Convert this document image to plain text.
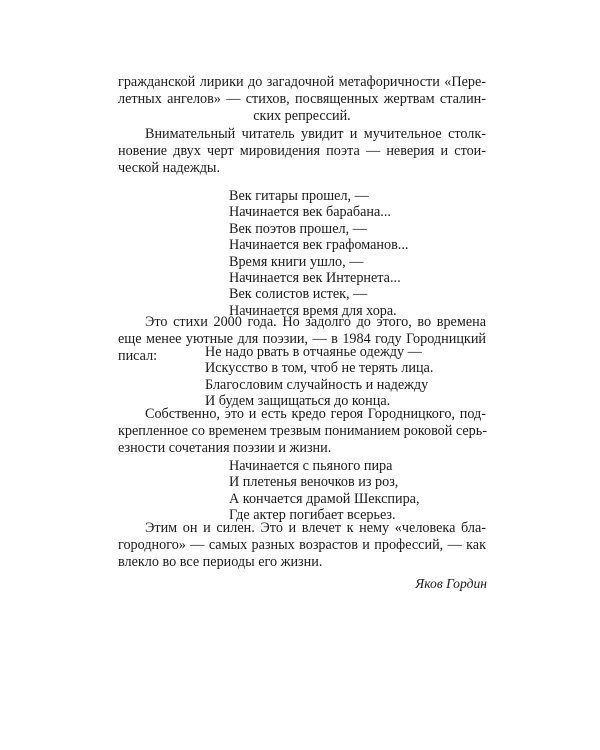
гражданской лирики до загадочной метафоричности «Пере-
летных ангелов» — стихов, посвященных жертвам сталин-
ских репрессий.
Внимательный читатель увидит и мучительное столк-
новение двух черт мировидения поэта — неверия и стои-
ческой надежды.
Век гитары прошел, —
Начинается век барабана...
Век поэтов прошел, —
Начинается век графоманов...
Время книги ушло, —
Начинается век Интернета...
Век солистов истек, —
Начинается время для хора.
Это стихи 2000 года. Но задолго до этого, во времена
еще менее уютные для поэзии, — в 1984 году Городницкий
писал:	Не надо рвать в отчаянье одежду —
Искусство в том, чтоб не терять лица.
Благословим случайность и надежду
И будем защищаться до конца.
Собственно, это и есть кредо героя Городницкого, под-
крепленное со временем трезвым пониманием роковой серь-
езности сочетания поэзии и жизни.
Начинается с пьяного пира
И плетенья веночков из роз,
А кончается драмой Шекспира,
Где актер погибает всерьез.
Этим он и силен. Это и влечет к нему «человека бла-
городного» — самых разных возрастов и профессий, — как
влекло во все периоды его жизни.
Яков Гордин
